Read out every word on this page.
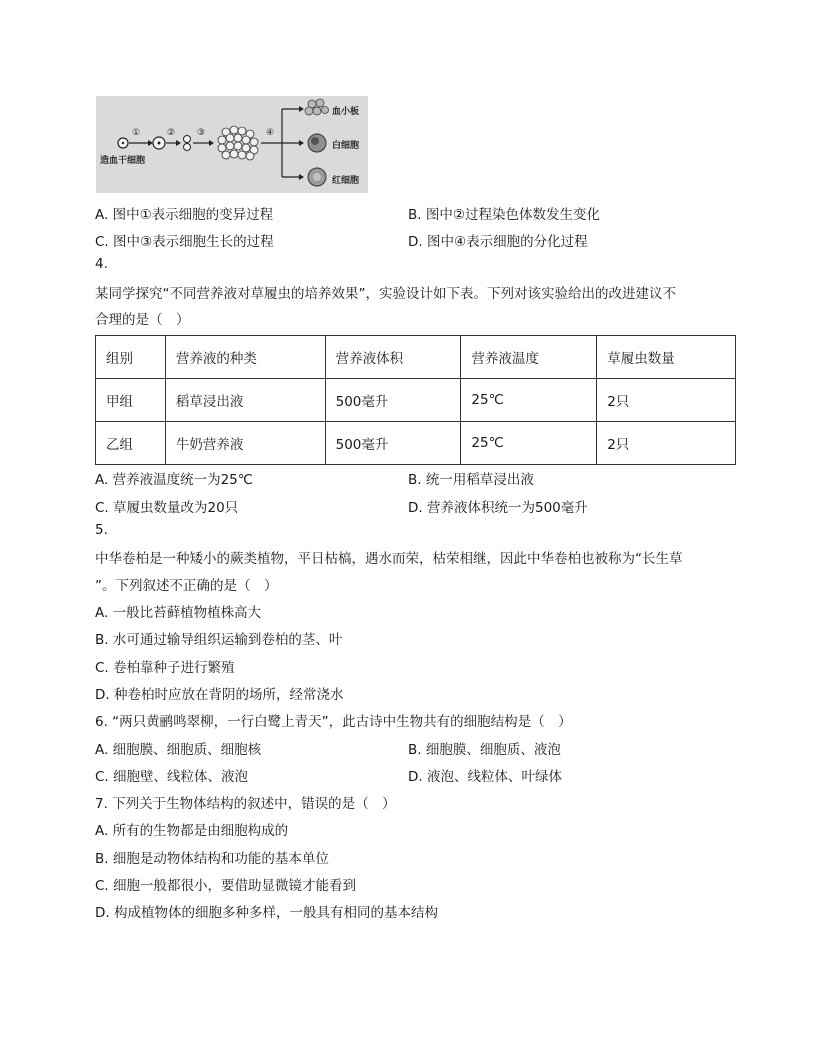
①	② ③	④
造血干细胞
血小板
白细胞
红细胞
A. 图中①表示细胞的变异过程	B. 图中②过程染色体数发生变化
C. 图中③表示细胞生长的过程	D. 图中④表示细胞的分化过程
4.
某同学探究“不同营养液对草履虫的培养效果”，实验设计如下表。下列对该实验给出的改进建议不
合理的是（　）
组别	营养液的种类	营养液体积	营养液温度	草履虫数量
甲组	稻草浸出液	500毫升	25℃	2只
乙组	牛奶营养液	500毫升	25℃	2只
A. 营养液温度统一为25℃	B. 统一用稻草浸出液
C. 草履虫数量改为20只	D. 营养液体积统一为500毫升
5.
中华卷柏是一种矮小的蕨类植物，平日枯槁，遇水而荣，枯荣相继，因此中华卷柏也被称为“长生草
”。下列叙述不正确的是（　）
A. 一般比苔藓植物植株高大
B. 水可通过输导组织运输到卷柏的茎、叶
C. 卷柏靠种子进行繁殖
D. 种卷柏时应放在背阴的场所，经常浇水
6. “两只黄鹂鸣翠柳，一行白鹭上青天”，此古诗中生物共有的细胞结构是（　）
A. 细胞膜、细胞质、细胞核	B. 细胞膜、细胞质、液泡
C. 细胞壁、线粒体、液泡	D. 液泡、线粒体、叶绿体
7. 下列关于生物体结构的叙述中，错误的是（　）
A. 所有的生物都是由细胞构成的
B. 细胞是动物体结构和功能的基本单位
C. 细胞一般都很小，要借助显微镜才能看到
D. 构成植物体的细胞多种多样，一般具有相同的基本结构
